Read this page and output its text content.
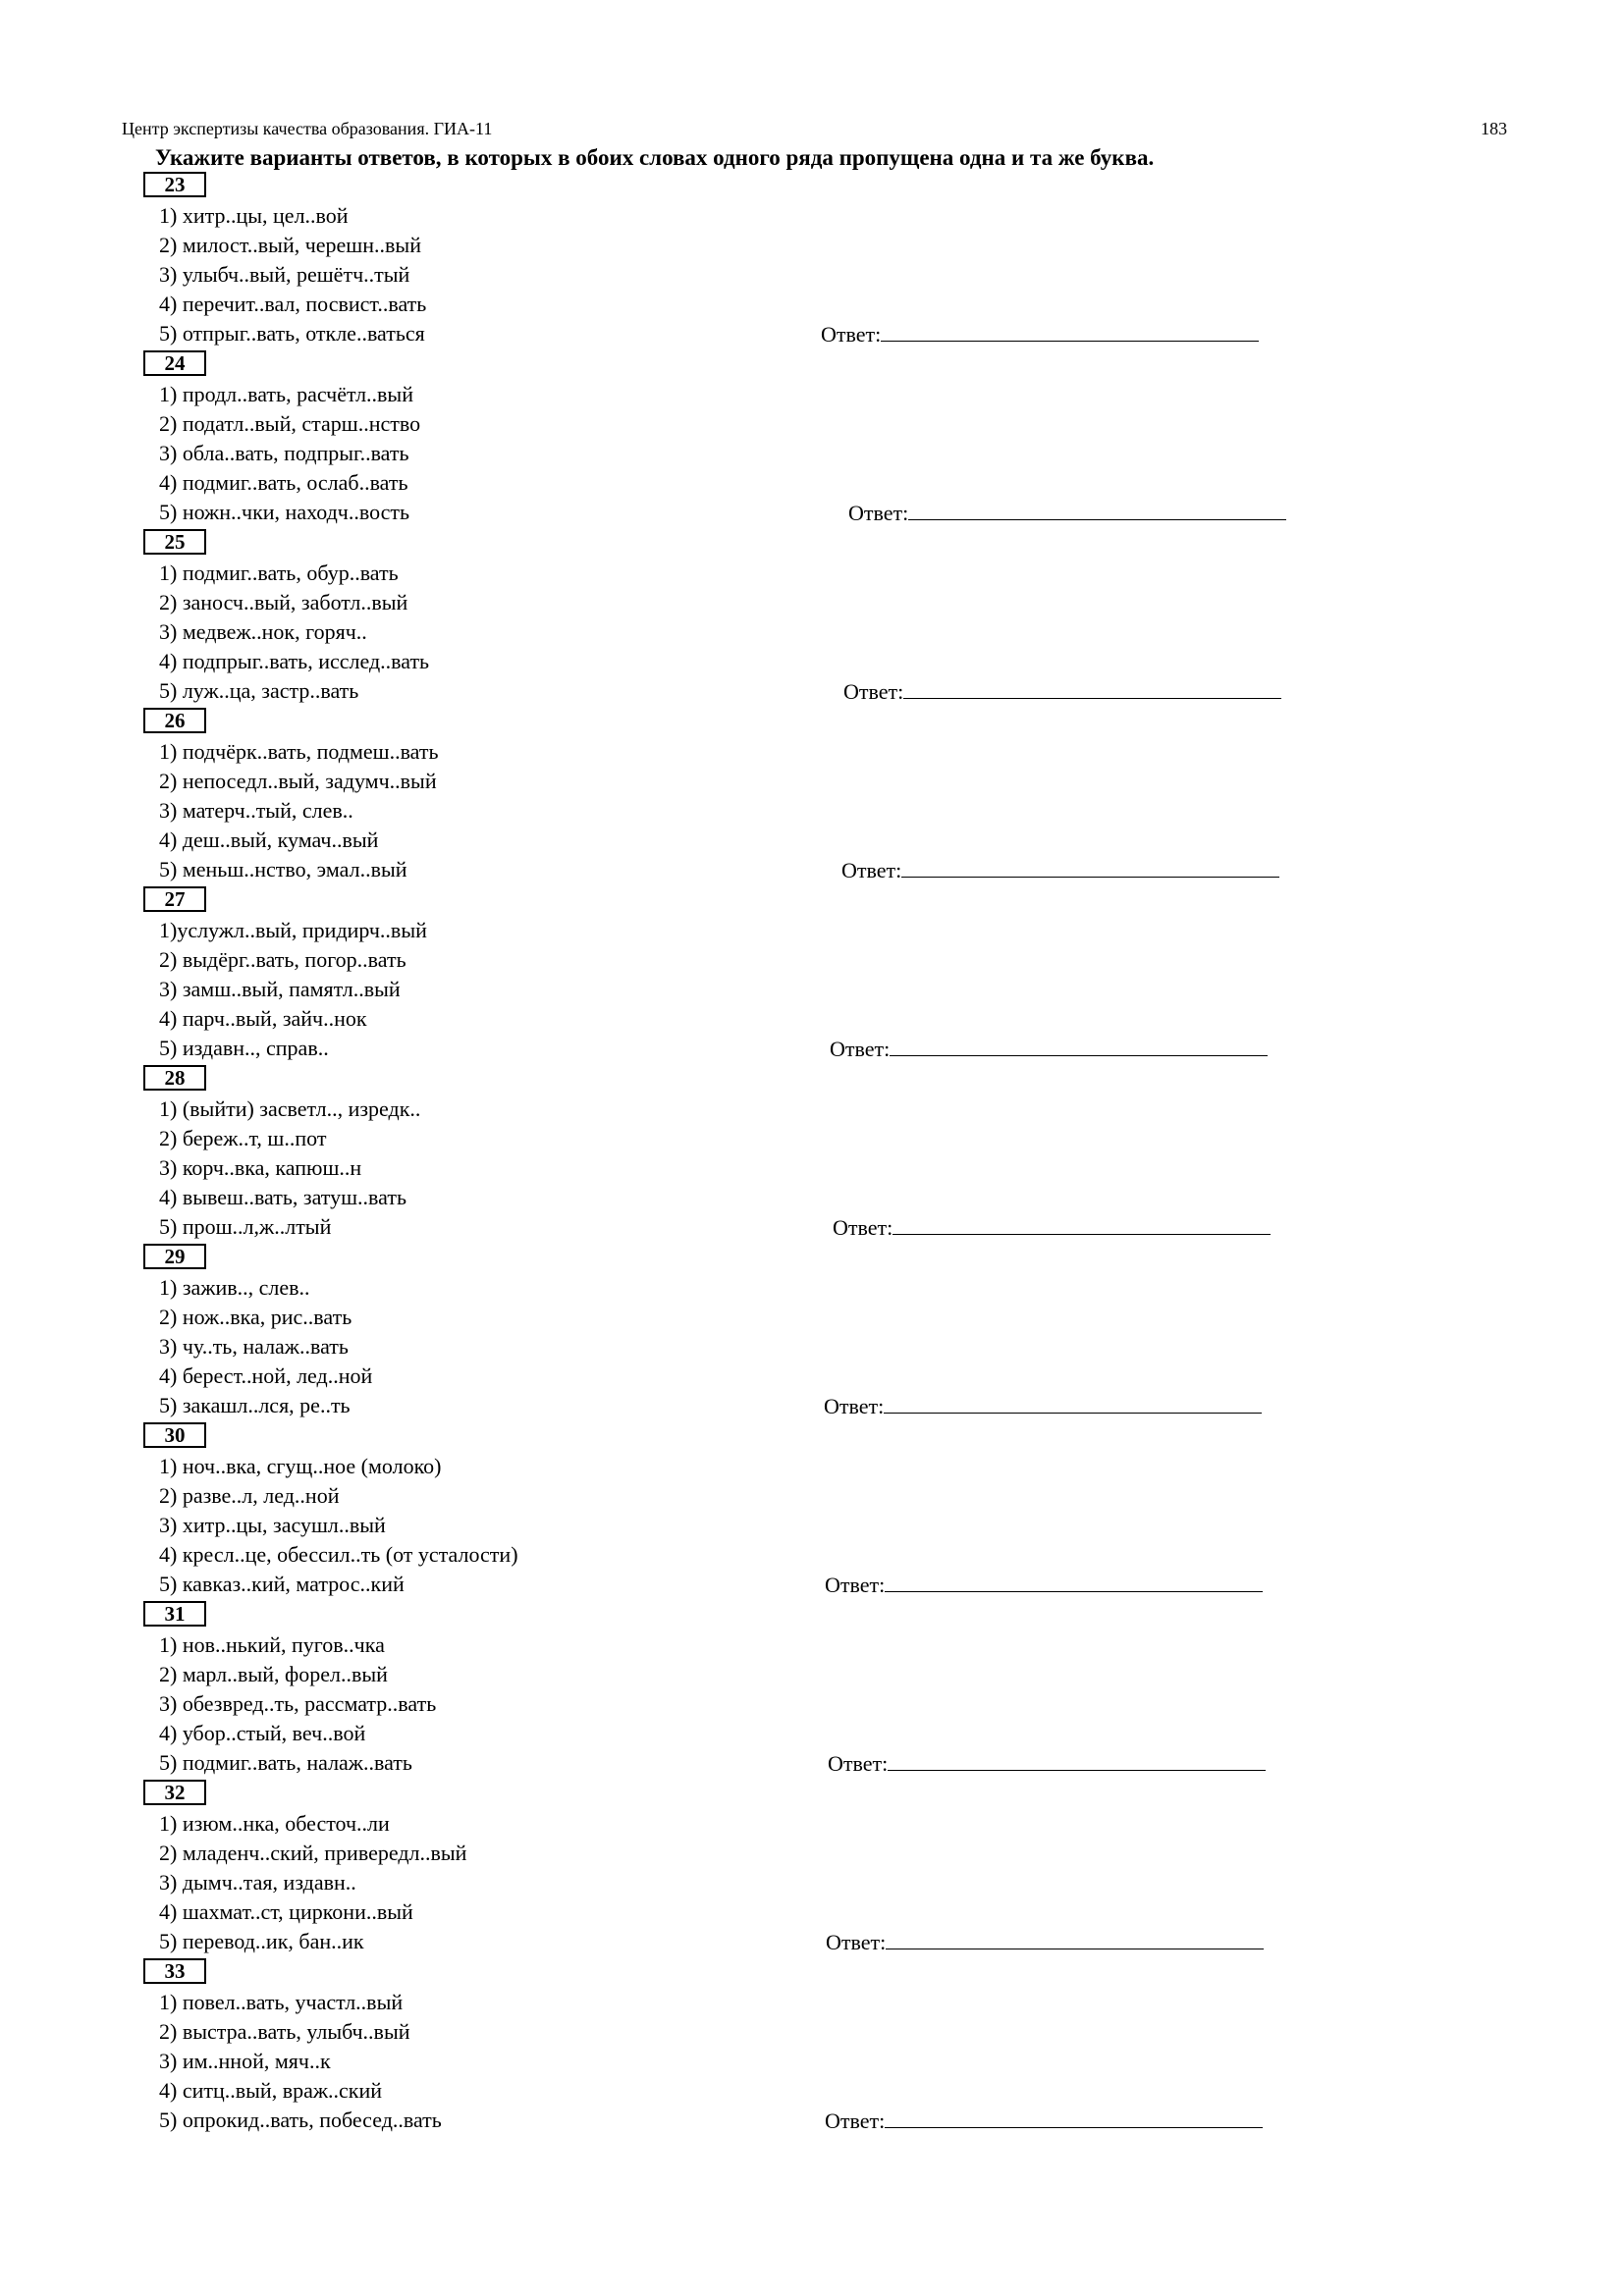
Центр экспертизы качества образования. ГИА-11	183
Укажите варианты ответов, в которых в обоих словах одного ряда пропущена одна и та же буква.
23
1) хитр..цы, цел..вой
2) милост..вый, черешн..вый
3) улыбч..вый, решётч..тый
4) перечит..вал, посвист..вать
5) отпрыг..вать, откле..ваться	Ответ:
24
1) продл..вать, расчётл..вый
2) податл..вый, старш..нство
3) обла..вать, подпрыг..вать
4) подмиг..вать, ослаб..вать
5) ножн..чки, находч..вость	Ответ:
25
1) подмиг..вать, обур..вать
2) заносч..вый, заботл..вый
3) медвеж..нок, горяч..
4) подпрыг..вать, исслед..вать
5) луж..ца, застр..вать	Ответ:
26
1) подчёрк..вать, подмеш..вать
2) непоседл..вый, задумч..вый
3) матерч..тый, слев..
4) деш..вый, кумач..вый
5) меньш..нство, эмал..вый	Ответ:
27
1)услужл..вый, придирч..вый
2) выдёрг..вать, погор..вать
3) замш..вый, памятл..вый
4) парч..вый, зайч..нок
5) издавн.., справ..	Ответ:
28
1) (выйти) засветл.., изредк..
2) береж..т, ш..пот
3) корч..вка, капюш..н
4) вывеш..вать, затуш..вать
5) прош..л,ж..лтый	Ответ:
29
1) зажив.., слев..
2) нож..вка, рис..вать
3) чу..ть, налаж..вать
4) берест..ной, лед..ной
5) закашл..лся, ре..ть	Ответ:
30
1) ноч..вка, сгущ..ное (молоко)
2) разве..л, лед..ной
3) хитр..цы, засушл..вый
4) кресл..це, обессил..ть (от усталости)
5) кавказ..кий, матрос..кий	Ответ:
31
1) нов..нький, пугов..чка
2) марл..вый, форел..вый
3) обезвред..ть, рассматр..вать
4) убор..стый, веч..вой
5) подмиг..вать, налаж..вать	Ответ:
32
1) изюм..нка, обесточ..ли
2) младенч..ский, привередл..вый
3) дымч..тая, издавн..
4) шахмат..ст, циркони..вый
5) перевод..ик, бан..ик	Ответ:
33
1) повел..вать, участл..вый
2) выстра..вать, улыбч..вый
3) им..нной, мяч..к
4) ситц..вый, враж..ский
5) опрокид..вать, побесед..вать	Ответ:
